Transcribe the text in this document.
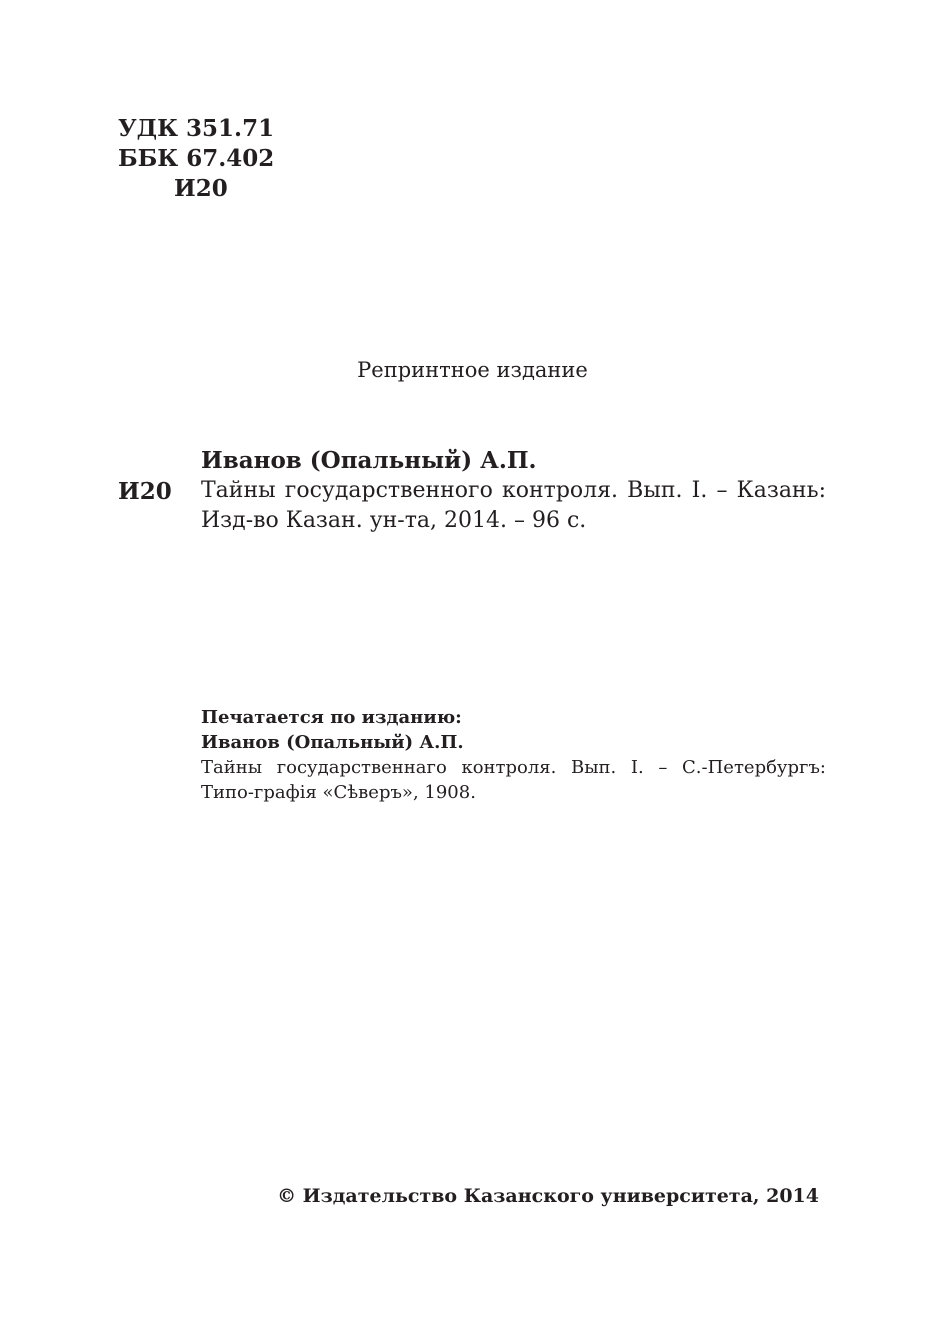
УДК 351.71
ББК 67.402
И20
Репринтное издание
И20
Иванов (Опальный) А.П.
Тайны государственного контроля. Вып. I. – Казань: Изд-во Казан. ун-та, 2014. – 96 с.
Печатается по изданию:
Иванов (Опальный) А.П.
Тайны государственнаго контроля. Вып. I. – С.-Петербургъ: Типо-графія «Сѣверъ», 1908.
© Издательство Казанского университета, 2014
